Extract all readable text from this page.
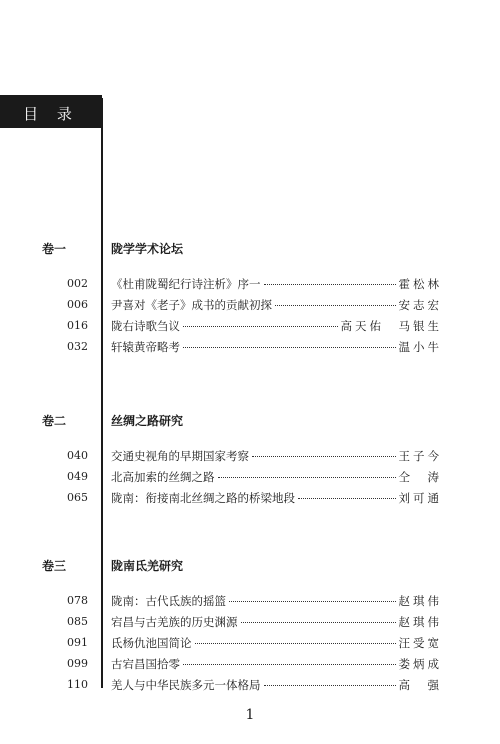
目 录
卷一	陇学学术论坛
002 《杜甫陇蜀纪行诗注析》序一	霍松林
006 尹喜对《老子》成书的贡献初探	安志宏
016 陇右诗歌刍议	高天佑　马银生
032 轩辕黄帝略考	温小牛
卷二	丝绸之路研究
040 交通史视角的早期国家考察	王子今
049 北高加索的丝绸之路	仝　涛
065 陇南：衔接南北丝绸之路的桥梁地段	刘可通
卷三	陇南氐羌研究
078 陇南：古代氐族的摇篮	赵琪伟
085 宕昌与古羌族的历史渊源	赵琪伟
091 氐杨仇池国简论	汪受宽
099 古宕昌国拾零	娄炳成
110 羌人与中华民族多元一体格局	高　强
1
